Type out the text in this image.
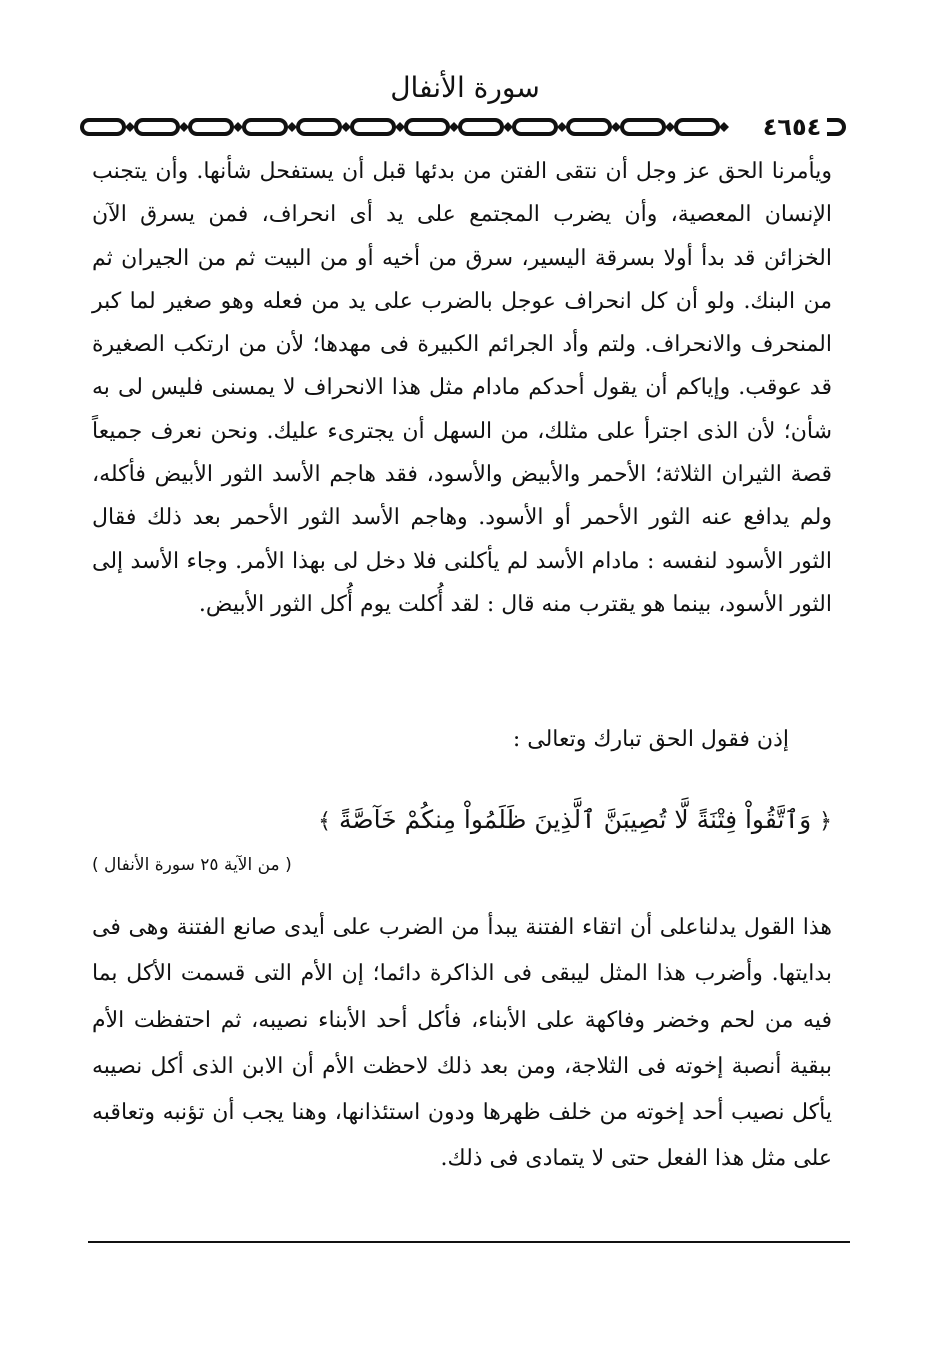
سورة الأنفال
٤٦٥٤
ويأمرنا الحق عز وجل أن نتقى الفتن من بدئها قبل أن يستفحل شأنها. وأن يتجنب الإنسان المعصية، وأن يضرب المجتمع على يد أى انحراف، فمن يسرق الآن الخزائن قد بدأ أولا بسرقة اليسير، سرق من أخيه أو من البيت ثم من الجيران ثم من البنك. ولو أن كل انحراف عوجل بالضرب على يد من فعله وهو صغير لما كبر المنحرف والانحراف. ولتم وأد الجرائم الكبيرة فى مهدها؛ لأن من ارتكب الصغيرة قد عوقب. وإياكم أن يقول أحدكم مادام مثل هذا الانحراف لا يمسنى فليس لى به شأن؛ لأن الذى اجترأ على مثلك، من السهل أن يجترىء عليك. ونحن نعرف جميعاً قصة الثيران الثلاثة؛ الأحمر والأبيض والأسود، فقد هاجم الأسد الثور الأبيض فأكله، ولم يدافع عنه الثور الأحمر أو الأسود. وهاجم الأسد الثور الأحمر بعد ذلك فقال الثور الأسود لنفسه : مادام الأسد لم يأكلنى فلا دخل لى بهذا الأمر. وجاء الأسد إلى الثور الأسود، بينما هو يقترب منه قال : لقد أُكلت يوم أُكل الثور الأبيض.
إذن فقول الحق تبارك وتعالى :
﴿ وَٱتَّقُواْ فِتْنَةً لَّا تُصِيبَنَّ ٱلَّذِينَ ظَلَمُواْ مِنكُمْ خَآصَّةً ﴾
( من الآية ٢٥ سورة الأنفال )
هذا القول يدلناعلى أن اتقاء الفتنة يبدأ من الضرب على أيدى صانع الفتنة وهى فى بدايتها. وأضرب هذا المثل ليبقى فى الذاكرة دائما؛ إن الأم التى قسمت الأكل بما فيه من لحم وخضر وفاكهة على الأبناء، فأكل أحد الأبناء نصيبه، ثم احتفظت الأم ببقية أنصبة إخوته فى الثلاجة، ومن بعد ذلك لاحظت الأم أن الابن الذى أكل نصيبه يأكل نصيب أحد إخوته من خلف ظهرها ودون استئذانها، وهنا يجب أن تؤنبه وتعاقبه على مثل هذا الفعل حتى لا يتمادى فى ذلك.
